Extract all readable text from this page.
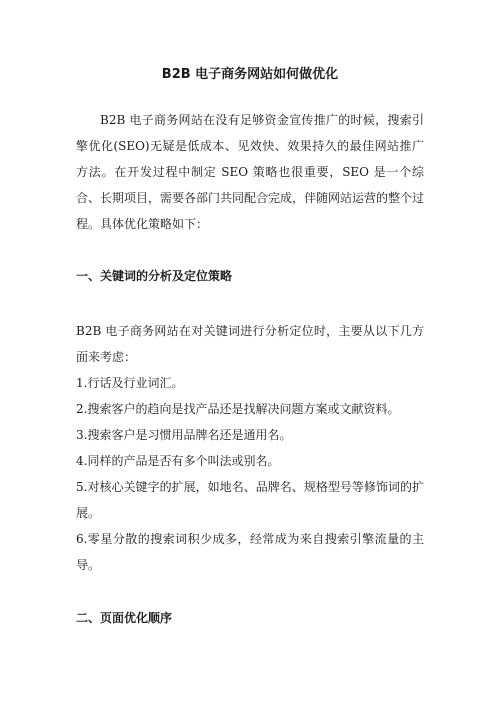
B2B 电子商务网站如何做优化

B2B 电子商务网站在没有足够资金宣传推广的时候，搜索引擎优化(SEO)无疑是低成本、见效快、效果持久的最佳网站推广方法。在开发过程中制定 SEO 策略也很重要，SEO 是一个综合、长期项目，需要各部门共同配合完成，伴随网站运营的整个过程。具体优化策略如下：

一、关键词的分析及定位策略

B2B 电子商务网站在对关键词进行分析定位时，主要从以下几方面来考虑：

1.行话及行业词汇。

2.搜索客户的趋向是找产品还是找解决问题方案或文献资料。

3.搜索客户是习惯用品牌名还是通用名。

4.同样的产品是否有多个叫法或别名。

5.对核心关键字的扩展，如地名、品牌名、规格型号等修饰词的扩展。

6.零星分散的搜索词积少成多，经常成为来自搜索引擎流量的主导。

二、页面优化顺序
